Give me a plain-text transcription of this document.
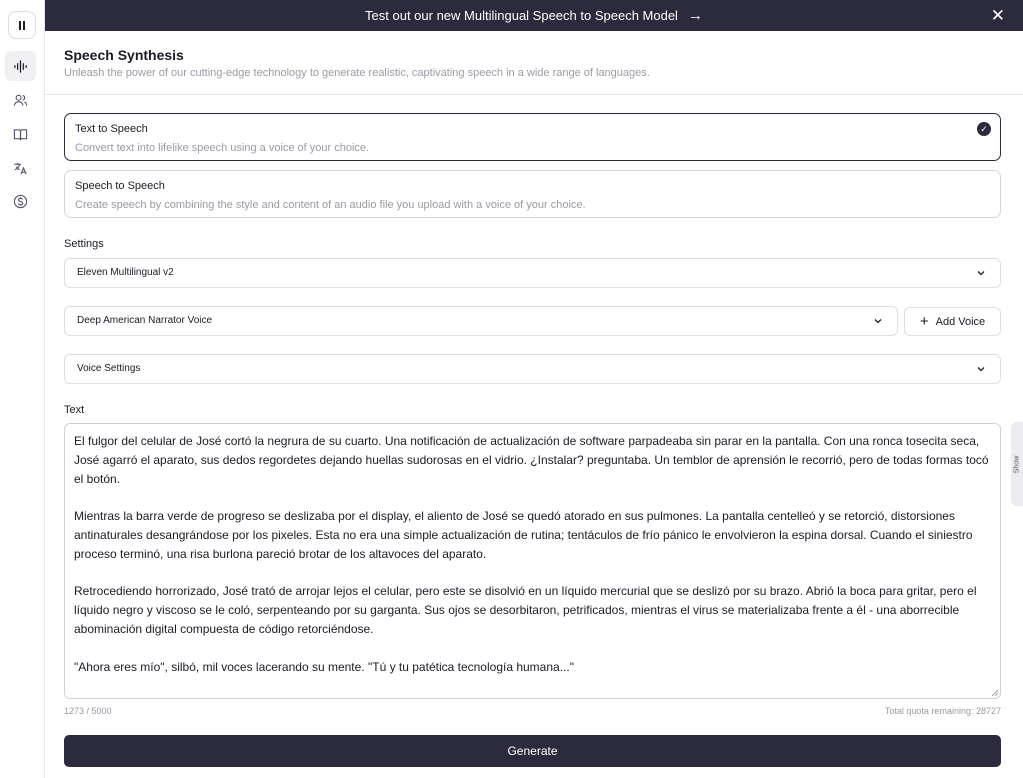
Test out our new Multilingual Speech to Speech Model →	✕
Speech Synthesis
Unleash the power of our cutting-edge technology to generate realistic, captivating speech in a wide range of languages.
Text to Speech
Convert text into lifelike speech using a voice of your choice.
✓
Speech to Speech
Create speech by combining the style and content of an audio file you upload with a voice of your choice.
Settings
Eleven Multilingual v2
Deep American Narrator Voice	+ Add Voice
Voice Settings
Text

El fulgor del celular de José cortó la negrura de su cuarto. Una notificación de actualización de software parpadeaba sin parar en la pantalla. Con una ronca tosecita seca, José agarró el aparato, sus dedos regordetes dejando huellas sudorosas en el vidrio. ¿Instalar? preguntaba. Un temblor de aprensión le recorrió, pero de todas formas tocó el botón.

Mientras la barra verde de progreso se deslizaba por el display, el aliento de José se quedó atorado en sus pulmones. La pantalla centelleó y se retorció, distorsiones antinaturales desangrándose por los pixeles. Esta no era una simple actualización de rutina; tentáculos de frío pánico le envolvieron la espina dorsal. Cuando el siniestro proceso terminó, una risa burlona pareció brotar de los altavoces del aparato.

Retrocediendo horrorizado, José trató de arrojar lejos el celular, pero este se disolvió en un líquido mercurial que se deslizó por su brazo. Abrió la boca para gritar, pero el líquido negro y viscoso se le coló, serpenteando por su garganta. Sus ojos se desorbitaron, petrificados, mientras el virus se materializaba frente a él - una aborrecible abominación digital compuesta de código retorciéndose.

"Ahora eres mío", silbó, mil voces lacerando su mente. "Tú y tu patética tecnología humana..."

1273 / 5000	Total quota remaining: 28727
Generate
Show
